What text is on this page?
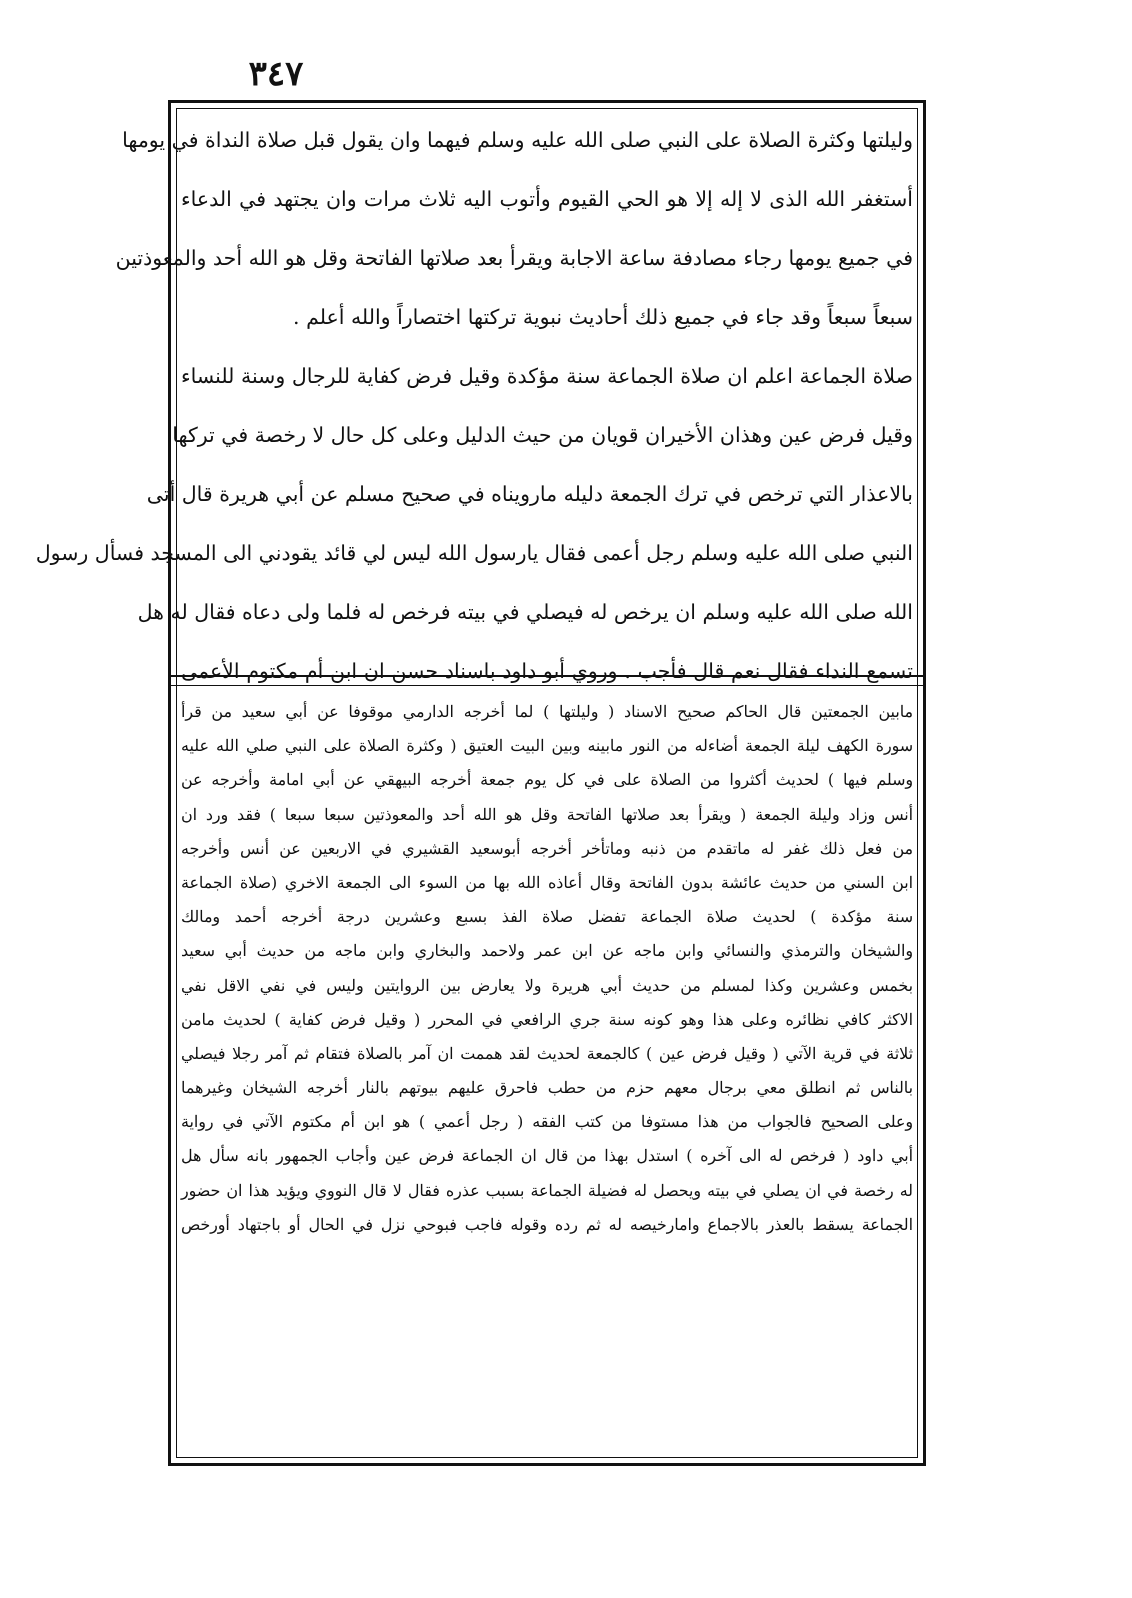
٣٤٧
وليلتها وكثرة الصلاة على النبي صلى الله عليه وسلم فيهما وان يقول قبل صلاة النداة في يومها
أستغفر الله الذى لا إله إلا هو الحي القيوم وأتوب اليه ثلاث مرات وان يجتهد في الدعاء
في جميع يومها رجاء مصادفة ساعة الاجابة ويقرأ بعد صلاتها الفاتحة وقل هو الله أحد والمعوذتين
سبعاً سبعاً وقد جاء في جميع ذلك أحاديث نبوية تركتها اختصاراً والله أعلم .
صلاة الجماعة اعلم ان صلاة الجماعة سنة مؤكدة وقيل فرض كفاية للرجال وسنة للنساء
وقيل فرض عين وهذان الأخيران قويان من حيث الدليل وعلى كل حال لا رخصة في تركها
بالاعذار التي ترخص في ترك الجمعة دليله مارويناه في صحيح مسلم عن أبي هريرة قال أتى
النبي صلى الله عليه وسلم رجل أعمى فقال يارسول الله ليس لي قائد يقودني الى المسجد فسأل رسول
الله صلى الله عليه وسلم ان يرخص له فيصلي في بيته فرخص له فلما ولى دعاه فقال له هل
تسمع النداء فقال نعم قال فأجب . وروي أبو داود باسناد حسن ان ابن أم مكتوم الأعمى
مابين الجمعتين قال الحاكم صحيح الاسناد ( وليلتها ) لما أخرجه الدارمي موقوفا عن أبي سعيد من قرأ
سورة الكهف ليلة الجمعة أضاءله من النور مابينه وبين البيت العتيق ( وكثرة الصلاة على النبي صلي الله عليه
وسلم فيها ) لحديث أكثروا من الصلاة على في كل يوم جمعة أخرجه البيهقي عن أبي امامة وأخرجه عن
أنس وزاد وليلة الجمعة ( ويقرأ بعد صلاتها الفاتحة وقل هو الله أحد والمعوذتين سبعا سبعا ) فقد ورد ان
من فعل ذلك غفر له ماتقدم من ذنبه وماتأخر أخرجه أبوسعيد القشيري في الاربعين عن أنس وأخرجه
ابن السني من حديث عائشة بدون الفاتحة وقال أعاذه الله بها من السوء الى الجمعة الاخري (صلاة الجماعة
سنة مؤكدة ) لحديث صلاة الجماعة تفضل صلاة الفذ بسبع وعشرين درجة أخرجه أحمد ومالك
والشيخان والترمذي والنسائي وابن ماجه عن ابن عمر ولاحمد والبخاري وابن ماجه من حديث أبي سعيد
بخمس وعشرين وكذا لمسلم من حديث أبي هريرة ولا يعارض بين الروايتين وليس في نفي الاقل نفي
الاكثر كافي نظائره وعلى هذا وهو كونه سنة جري الرافعي في المحرر ( وقيل فرض كفاية ) لحديث مامن
ثلاثة في قرية الآتي ( وقيل فرض عين ) كالجمعة لحديث لقد هممت ان آمر بالصلاة فتقام ثم آمر رجلا فيصلي
بالناس ثم انطلق معي برجال معهم حزم من حطب فاحرق عليهم بيوتهم بالنار أخرجه الشيخان وغيرهما
وعلى الصحيح فالجواب من هذا مستوفا من كتب الفقه ( رجل أعمي ) هو ابن أم مكتوم الآتي في رواية
أبي داود ( فرخص له الى آخره ) استدل بهذا من قال ان الجماعة فرض عين وأجاب الجمهور بانه سأل هل
له رخصة في ان يصلي في بيته ويحصل له فضيلة الجماعة بسبب عذره فقال لا قال النووي ويؤيد هذا ان حضور
الجماعة يسقط بالعذر بالاجماع وامارخيصه له ثم رده وقوله فاجب فبوحي نزل في الحال أو باجتهاد أورخص
